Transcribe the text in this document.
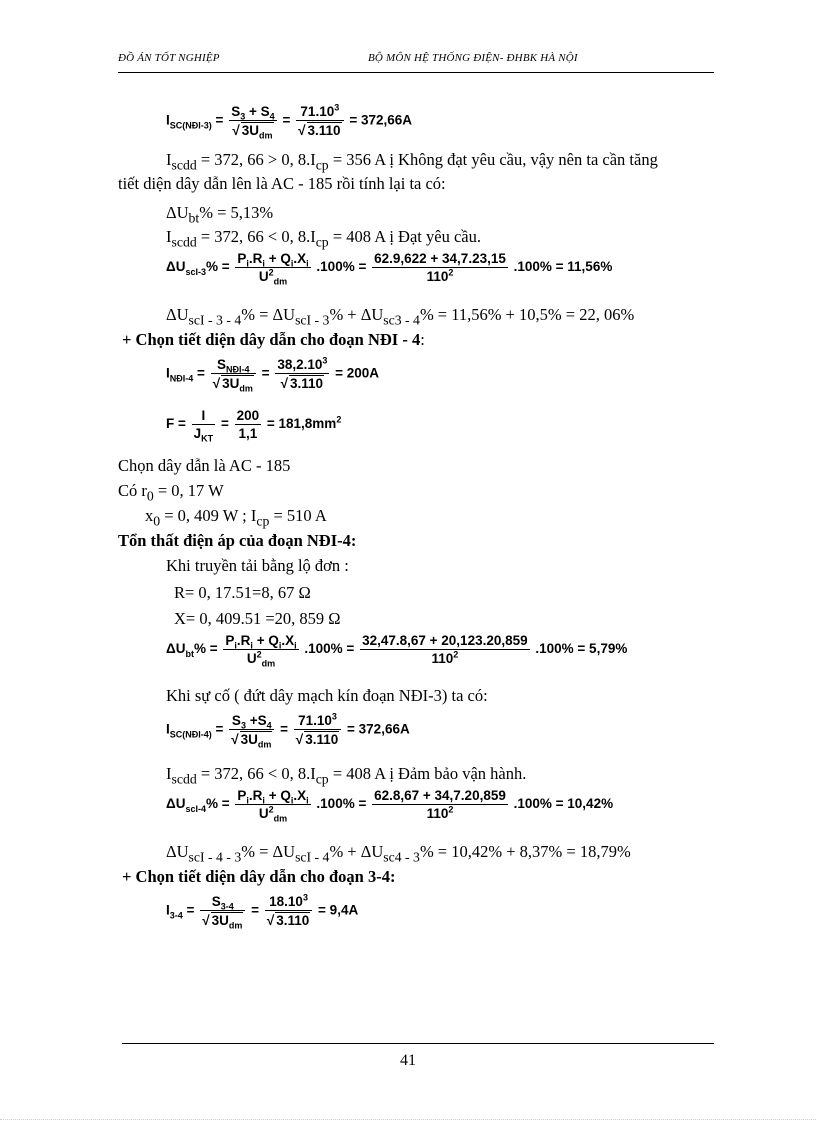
ĐỒ ÁN TỐT NGHIỆP	BỘ MÔN HỆ THỐNG ĐIỆN- ĐHBK HÀ NỘI
$I_{SC(NĐI-3)}$ =
$S_3 + S_4$
√ $3U_{dm}$
= $\frac{71.10^3}{√ 3.110} = 372,66A$
$I_{scdd} = 372$, 66 > 0, $8.I_{cp} = 356$ A ị Không đạt yêu cầu, vậy nên ta cần tăng
tiết diện dây dẫn lên là AC - 185 rồi tính lại ta có:
$\Delta U_{bt}\% = 5,13\%$
$I_{scdd} = 372$, 66 < 0, $8.I_{cp} = 408$ A ị Đạt yêu cầu.
$\Delta U_{scI-3}\% = \frac{P_i.R_i + Q_i.X_i}{U^2_{dm}} .100\% = \frac{62.9,622 + 34,7.23,15}{110^2} .100\% = 11,56\%$
$\Delta U_{scI - 3 - 4}\% = \Delta U_{scI - 3}\% + \Delta U_{sc3 - 4}\% = 11,56\% + 10,5\% = 22$, 06%
+ Chọn tiết diện dây dẫn cho đoạn NĐI - 4:
$I_{NĐI-4}$ =
$S_{NĐI-4}$
√ $3U_{dm}$
= $\frac{38,2.10^3}{√ 3.110} = 200A$
F =
I
$J_{KT}$
= $\frac{200}{1,1} = 181,8mm^2$
Chọn dây dẫn là AC - 185
Có $r_0 = 0$, 17 W
$x_0 = 0$, 409 W ; $I_{cp} = 510$ A
Tổn thất điện áp của đoạn NĐI-4:
Khi truyền tải bằng lộ đơn :
R= 0, 17.51=8, 67 Ω
X= 0, 409.51 =20, 859 Ω
$\Delta U_{bt}\% = \frac{P_i.R_i + Q_i.X_i}{U^2_{dm}} .100\% = \frac{32,47.8,67 + 20,123.20,859}{110^2} .100\% = 5,79\%$
Khi sự cố ( đứt dây mạch kín đoạn NĐI-3) ta có:
$I_{SC(NĐI-4)}$ =
$S_3 +S_4$
√ $3U_{dm}$
= $\frac{71.10^3}{√ 3.110} = 372,66A$
$I_{scdd} = 372$, 66 < 0, $8.I_{cp} = 408$ A ị Đảm bảo vận hành.
$\Delta U_{scI-4}\% = \frac{P_i.R_i + Q_i.X_i}{U^2_{dm}} .100\% = \frac{62.8,67 + 34,7.20,859}{110^2} .100\% = 10,42\%$
$\Delta U_{scI - 4 - 3}\% = \Delta U_{scI - 4}\% + \Delta U_{sc4 - 3}\% = 10,42\% + 8,37\% = 18,79\%$
+ Chọn tiết diện dây dẫn cho đoạn 3-4:
$I_{3-4}$ =
$S_{3-4}$
√ $3U_{dm}$
= $\frac{18.10^3}{√ 3.110} = 9,4A$
41
